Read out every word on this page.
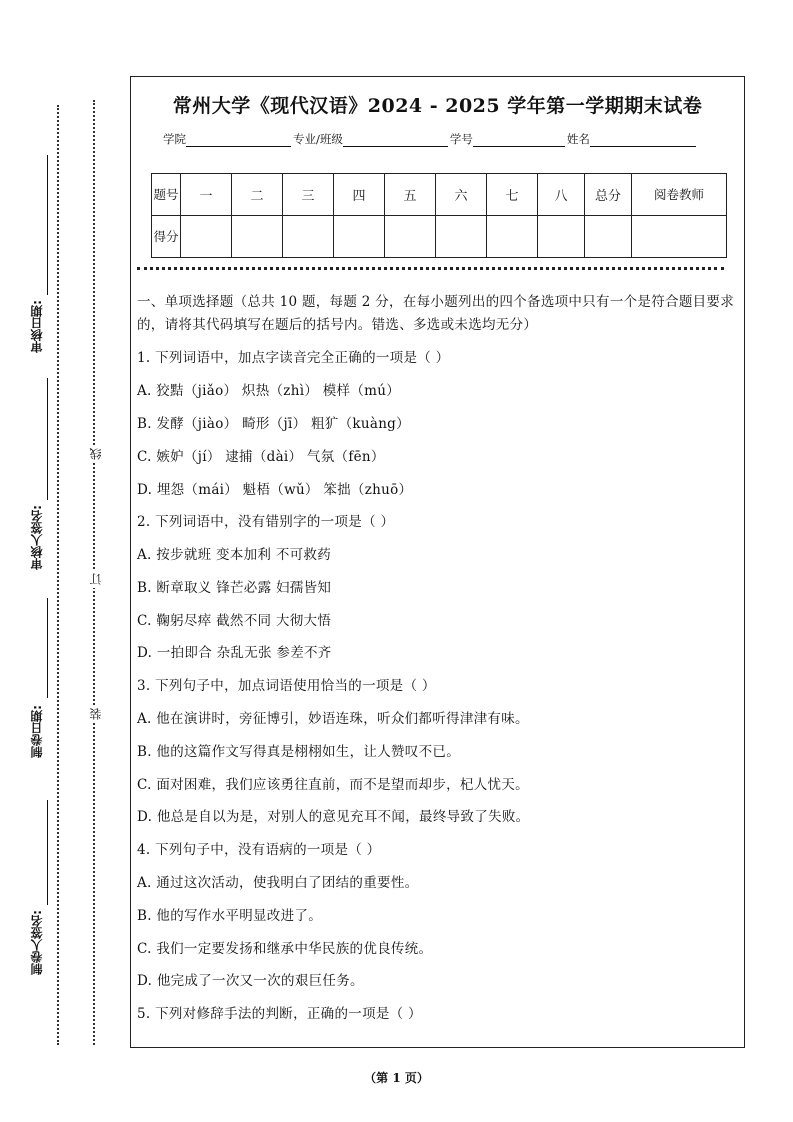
审核日期:
审核人签名:
制卷日期:
制卷人签名:
线
订
装
常州大学《现代汉语》2024 - 2025 学年第一学期期末试卷
学院	专业/班级	学号	姓名
题号	一	二	三	四	五	六	七	八	总分	阅卷教师
得分										
一、单项选择题（总共 10 题，每题 2 分，在每小题列出的四个备选项中只有一个是符合题目要求的，请将其代码填写在题后的括号内。错选、多选或未选均无分）
1. 下列词语中，加点字读音完全正确的一项是（ ）
A. 狡黠（jiǎo） 炽热（zhì） 模样（mú）
B. 发酵（jiào） 畸形（jī） 粗犷（kuàng）
C. 嫉妒（jí） 逮捕（dài） 气氛（fēn）
D. 埋怨（mái） 魁梧（wǔ） 笨拙（zhuō）
2. 下列词语中，没有错别字的一项是（ ）
A. 按步就班 变本加利 不可救药
B. 断章取义 锋芒必露 妇孺皆知
C. 鞠躬尽瘁 截然不同 大彻大悟
D. 一拍即合 杂乱无张 参差不齐
3. 下列句子中，加点词语使用恰当的一项是（ ）
A. 他在演讲时，旁征博引，妙语连珠，听众们都听得津津有味。
B. 他的这篇作文写得真是栩栩如生，让人赞叹不已。
C. 面对困难，我们应该勇往直前，而不是望而却步，杞人忧天。
D. 他总是自以为是，对别人的意见充耳不闻，最终导致了失败。
4. 下列句子中，没有语病的一项是（ ）
A. 通过这次活动，使我明白了团结的重要性。
B. 他的写作水平明显改进了。
C. 我们一定要发扬和继承中华民族的优良传统。
D. 他完成了一次又一次的艰巨任务。
5. 下列对修辞手法的判断，正确的一项是（ ）
（第 1 页）
